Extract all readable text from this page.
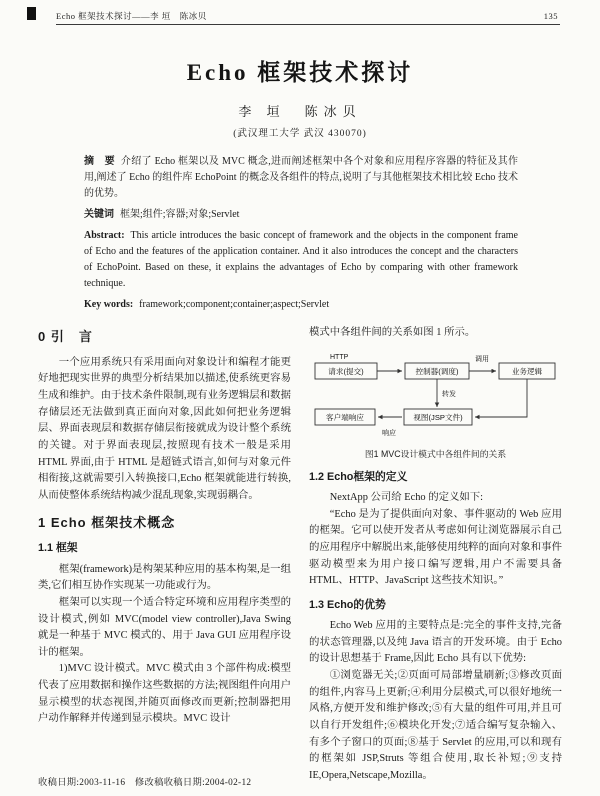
Echo 框架技术探讨——李 垣　陈冰贝	135
Echo 框架技术探讨
李 垣　陈冰贝
(武汉理工大学 武汉 430070)

摘　要 介绍了 Echo 框架以及 MVC 概念,进而阐述框架中各个对象和应用程序容器的特征及其作用,阐述了 Echo 的组件库 EchoPoint 的概念及各组件的特点,说明了与其他框架技术相比较 Echo 技术的优势。

关键词 框架;组件;容器;对象;Servlet

Abstract: This article introduces the basic concept of framework and the objects in the component frame of Echo and the features of the application container. And it also introduces the concept and the characters of EchoPoint. Based on these, it explains the advantages of Echo by comparing with other framework technique.

Key words: framework;component;container;aspect;Servlet

0 引　言

一个应用系统只有采用面向对象设计和编程才能更好地把现实世界的典型分析结果加以描述,使系统更容易生成和维护。由于技术条件限制,现有业务逻辑层和数据存储层还无法做到真正面向对象,因此如何把业务逻辑层、界面表现层和数据存储层衔接就成为设计整个系统的关键。对于界面表现层,按照现有技术一般是采用 HTML 界面,由于 HTML 是超链式语言,如何与对象元件相衔接,这就需要引入转换接口,Echo 框架就能进行转换,从而使整体系统结构减少混乱现象,实现弱耦合。

1 Echo 框架技术概念
1.1 框架

框架(framework)是构架某种应用的基本构架,是一组类,它们相互协作实现某一功能或行为。

框架可以实现一个适合特定环境和应用程序类型的设计模式,例如 MVC(model view controller),Java Swing 就是一种基于 MVC 模式的、用于 Java GUI 应用程序设计的框架。

1)MVC 设计模式。MVC 模式由 3 个部件构成:模型代表了应用数据和操作这些数据的方法;视图组件向用户显示模型的状态视图,并随页面修改而更新;控制器把用户动作解释并传递到显示模块。MVC 设计

模式中各组件间的关系如图 1 所示。

HTTP
请求(提交)	控制器(调度)	业务逻辑
调用
转发
视图(JSP文件)
客户端响应
响应
图1 MVC设计模式中各组件间的关系
1.2 Echo框架的定义

NextApp 公司给 Echo 的定义如下:

“Echo 是为了提供面向对象、事件驱动的 Web 应用的框架。它可以使开发者从考虑如何让浏览器展示自己的应用程序中解脱出来,能够使用纯粹的面向对象和事件驱动模型来为用户接口编写逻辑,用户不需要具备 HTML、HTTP、JavaScript 这些技术知识。”

1.3 Echo的优势

Echo Web 应用的主要特点是:完全的事件支持,完备的状态管理器,以及纯 Java 语言的开发环境。由于 Echo 的设计思想基于 Frame,因此 Echo 具有以下优势:

①浏览器无关;②页面可局部增量刷新;③修改页面的组件,内容马上更新;④利用分层模式,可以很好地统一风格,方便开发和维护修改;⑤有大量的组件可用,并且可以自行开发组件;⑥模块化开发;⑦适合编写复杂输入、有多个子窗口的页面;⑧基于 Servlet 的应用,可以和现有的框架如 JSP,Struts 等组合使用,取长补短;⑨支持 IE,Opera,Netscape,Mozilla。

收稿日期:2003-11-16　修改稿收稿日期:2004-02-12
